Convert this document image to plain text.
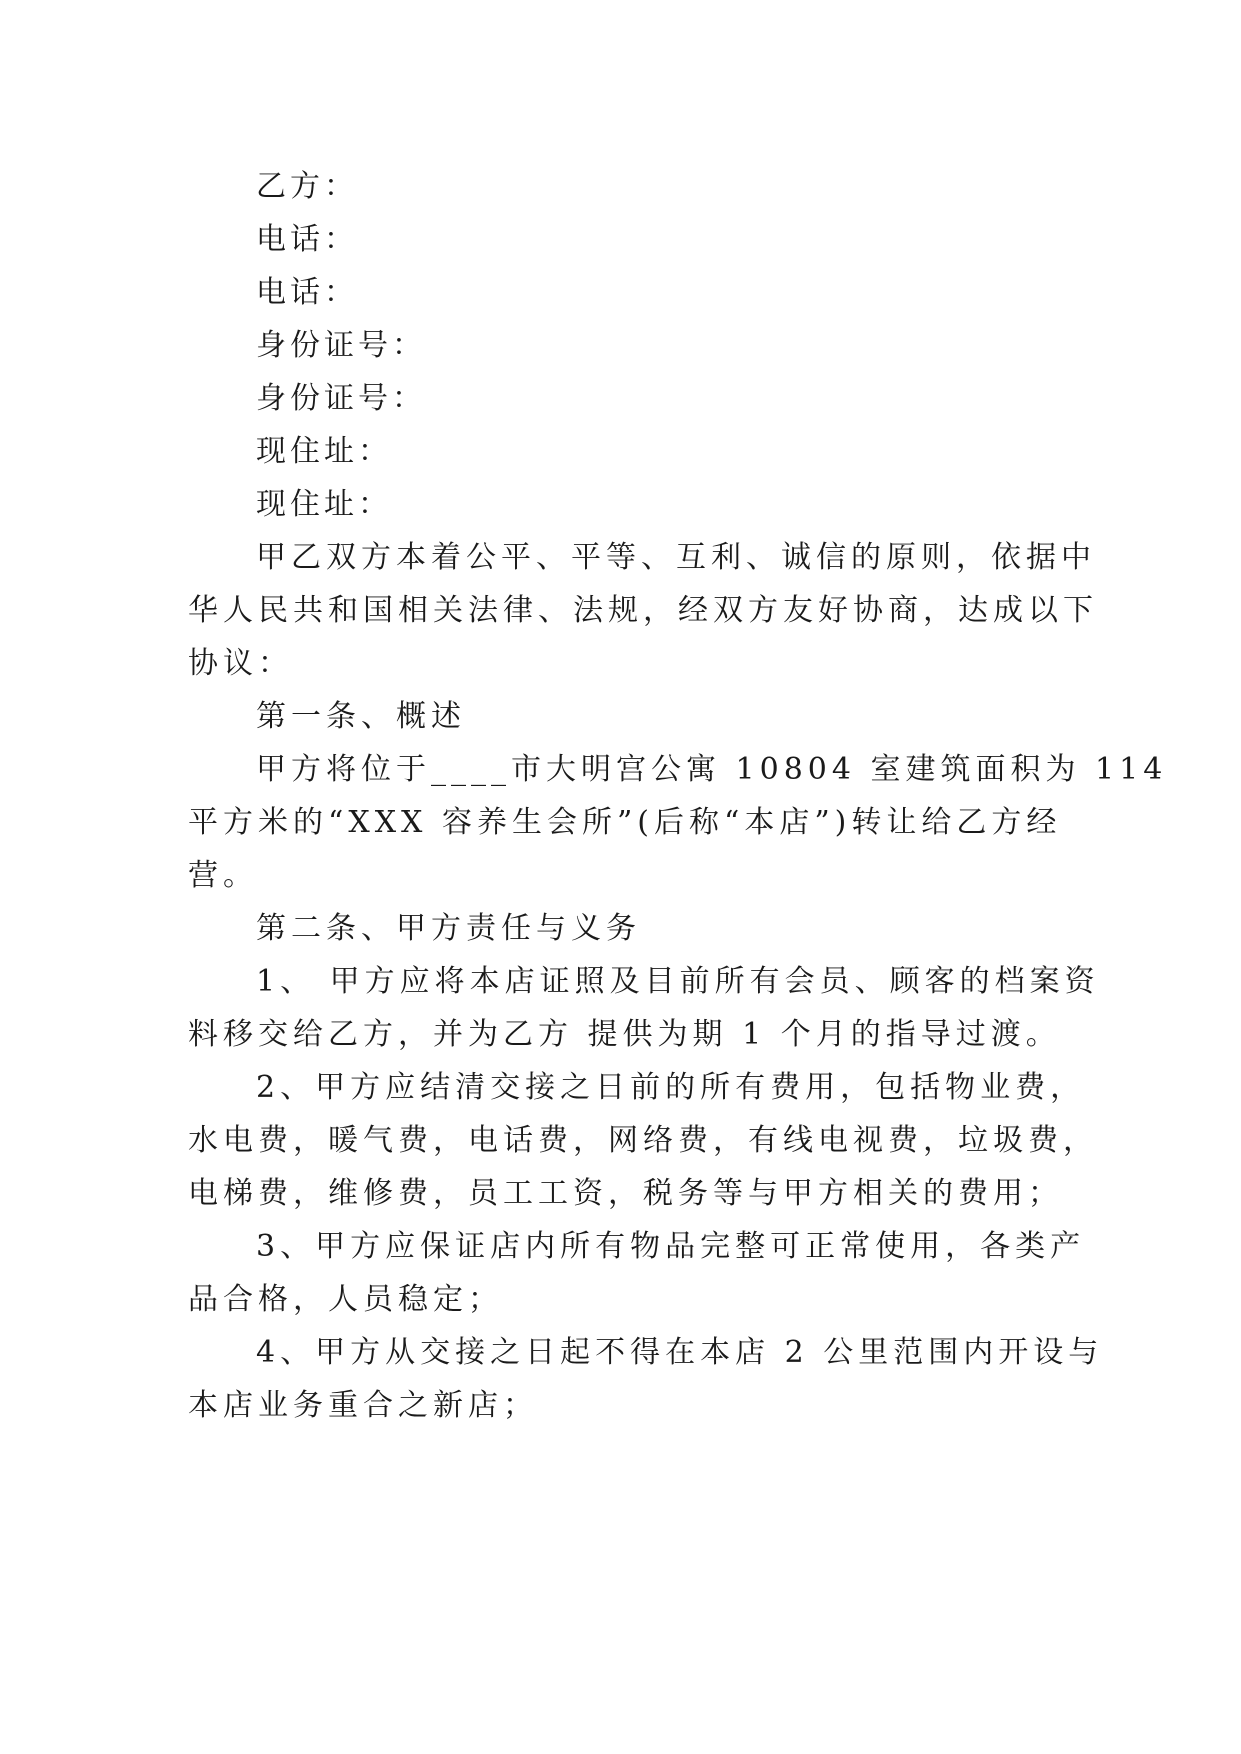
乙方：
电话：
电话：
身份证号：
身份证号：
现住址：
现住址：
甲乙双方本着公平、平等、互利、诚信的原则，依据中
华人民共和国相关法律、法规，经双方友好协商，达成以下
协议：
第一条、概述
甲方将位于____市大明宫公寓 10804 室建筑面积为 114
平方米的“XXX 容养生会所”(后称“本店”)转让给乙方经
营。
第二条、甲方责任与义务
1、 甲方应将本店证照及目前所有会员、顾客的档案资
料移交给乙方，并为乙方 提供为期 1 个月的指导过渡。
2、甲方应结清交接之日前的所有费用，包括物业费，
水电费，暖气费，电话费，网络费，有线电视费，垃圾费，
电梯费，维修费，员工工资，税务等与甲方相关的费用；
3、甲方应保证店内所有物品完整可正常使用，各类产
品合格，人员稳定；
4、甲方从交接之日起不得在本店 2 公里范围内开设与
本店业务重合之新店；
